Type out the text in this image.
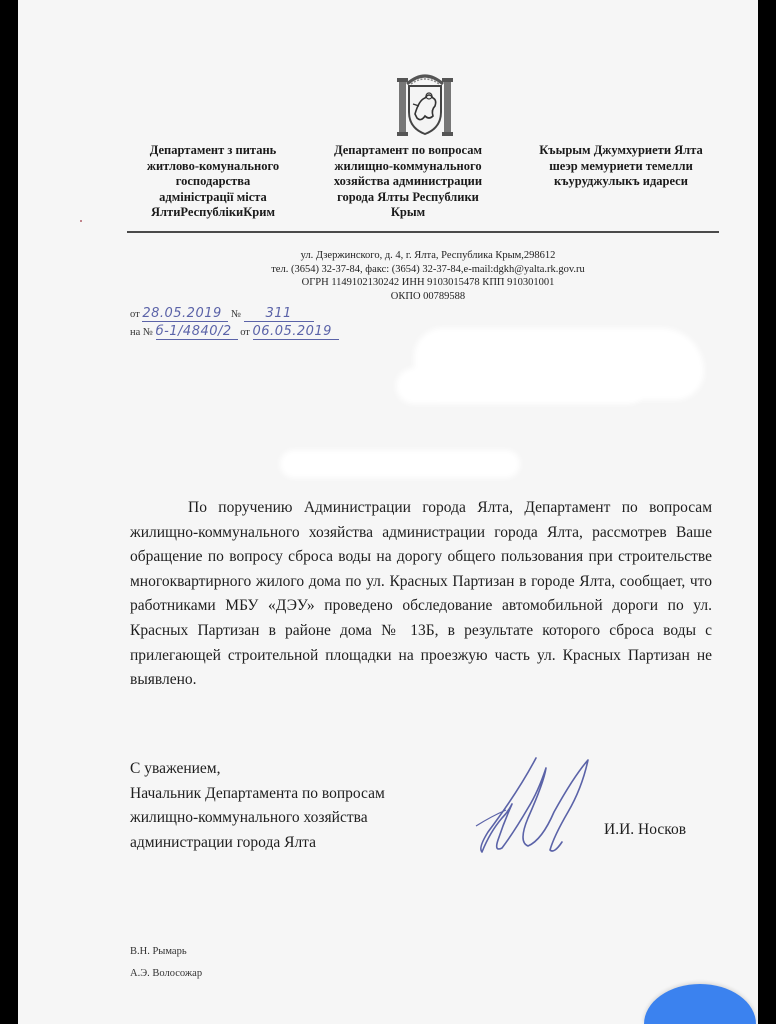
Департамент з питань
житлово-комунального
господарства
адміністрації міста
ЯлтиРеспублікиКрим
Департамент по вопросам
жилищно-коммунального
хозяйства администрации
города Ялты Республики
Крым
Къырым Джумхуриети Ялта
шеэр мемуриети темелли
къуруджулыкъ идареси
ул. Дзержинского, д. 4, г. Ялта, Республика Крым,298612
тел. (3654) 32-37-84, факс: (3654) 32-37-84,e-mail:dgkh@yalta.rk.gov.ru
ОГРН 1149102130242 ИНН 9103015478 КПП 910301001
ОКПО 00789588
от 28.05.2019 № 311
на № б-1/4840/2 от 06.05.2019

По поручению Администрации города Ялта, Департамент по вопросам жилищно-коммунального хозяйства администрации города Ялта, рассмотрев Ваше обращение по вопросу сброса воды на дорогу общего пользования при строительстве многоквартирного жилого дома по ул. Красных Партизан в городе Ялта, сообщает, что работниками МБУ «ДЭУ» проведено обследование автомобильной дороги по ул. Красных Партизан в районе дома № 13Б, в результате которого сброса воды с прилегающей строительной площадки на проезжую часть ул. Красных Партизан не выявлено.

С уважением,
Начальник Департамента по вопросам
жилищно-коммунального хозяйства
администрации города Ялта
И.И. Носков
В.Н. Рымарь
А.Э. Волосожар
